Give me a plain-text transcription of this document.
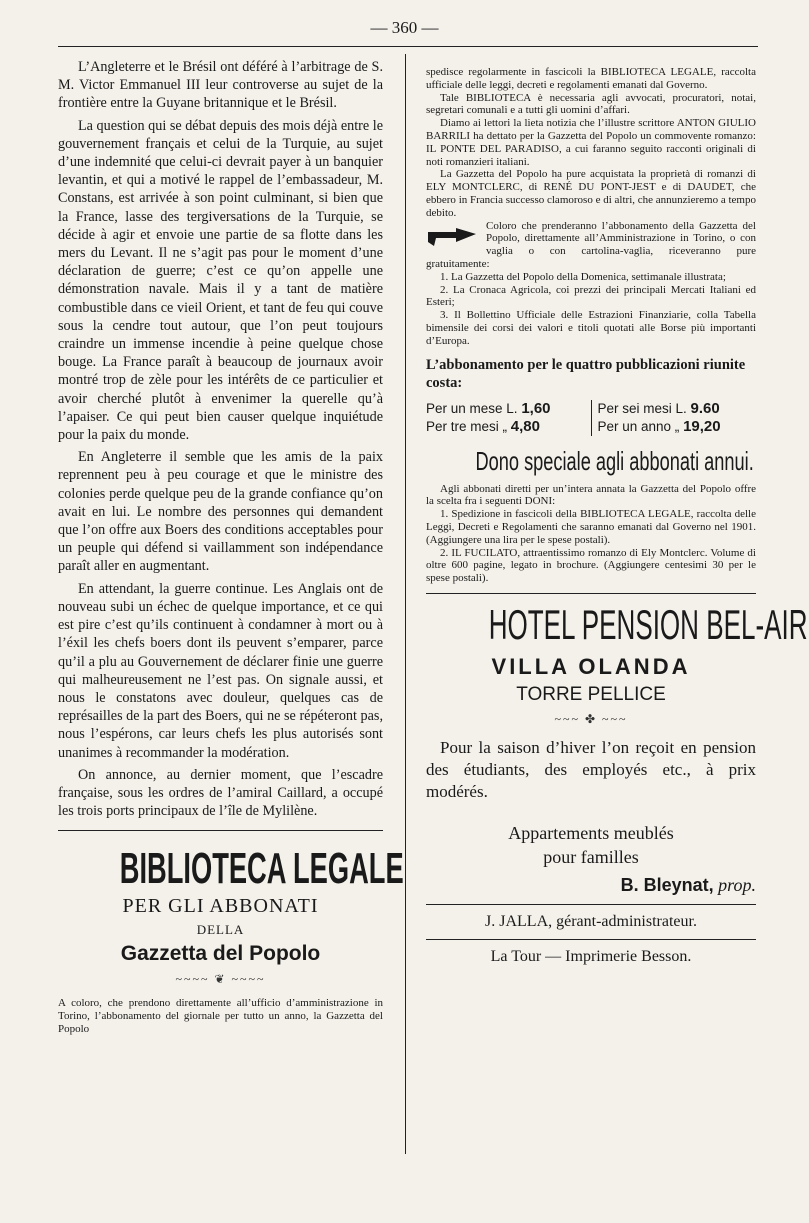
— 360 —

L’Angleterre et le Brésil ont déféré à l’arbitrage de S. M. Victor Emmanuel III leur controverse au sujet de la frontière entre la Guyane britannique et le Brésil.

La question qui se débat depuis des mois déjà entre le gouvernement français et celui de la Turquie, au sujet d’une indemnité que celui-ci devrait payer à un banquier levantin, et qui a motivé le rappel de l’embassadeur, M. Constans, est arrivée à son point culminant, si bien que la France, lasse des tergiversations de la Turquie, se décide à agir et envoie une partie de sa flotte dans les mers du Levant. Il ne s’agit pas pour le moment d’une déclaration de guerre; c’est ce qu’on appelle une démonstration navale. Mais il y a tant de matière combustible dans ce vieil Orient, et tant de feu qui couve sous la cendre tout autour, que l’on peut toujours craindre un immense incendie à peine quelque chose bouge. La France paraît à beaucoup de journaux avoir montré trop de zèle pour les intérêts de ce particulier et avoir cherché plutôt à envenimer la querelle qu’à l’apaiser. Ce qui peut bien causer quelque inquiétude pour la paix du monde.

En Angleterre il semble que les amis de la paix reprennent peu à peu courage et que le ministre des colonies perde quelque peu de la grande confiance qu’on avait en lui. Le nombre des personnes qui demandent que l’on offre aux Boers des conditions acceptables pour un peuple qui défend si vaillamment son indépendance paraît aller en augmentant.

En attendant, la guerre continue. Les Anglais ont de nouveau subi un échec de quelque importance, et ce qui est pire c’est qu’ils continuent à condamner à mort ou à l’éxil les chefs boers dont ils peuvent s’emparer, parce qu’il a plu au Gouvernement de déclarer finie une guerre qui malheureusement ne l’est pas. On signale aussi, et nous le constatons avec douleur, quelques cas de représailles de la part des Boers, qui ne se répéteront pas, nous l’espérons, car leurs chefs les plus autorisés sont unanimes à recommander la modération.

On annonce, au dernier moment, que l’escadre française, sous les ordres de l’amiral Caillard, a occupé les trois ports principaux de l’île de Mylilène.

BIBLIOTECA LEGALE
PER GLI ABBONATI
DELLA
Gazzetta del Popolo
~~~~ ❦ ~~~~

A coloro, che prendono direttamente all’ufficio d’amministrazione in Torino, l’abbonamento del giornale per tutto un anno, la Gazzetta del Popolo

spedisce regolarmente in fascicoli la BIBLIOTECA LEGALE, raccolta ufficiale delle leggi, decreti e regolamenti emanati dal Governo.

Tale BIBLIOTECA è necessaria agli avvocati, procuratori, notai, segretari comunali e a tutti gli uomini d’affari.

Diamo ai lettori la lieta notizia che l’illustre scrittore ANTON GIULIO BARRILI ha dettato per la Gazzetta del Popolo un commovente romanzo: IL PONTE DEL PARADISO, a cui faranno seguito racconti originali di noti romanzieri italiani.

La Gazzetta del Popolo ha pure acquistata la proprietà di romanzi di ELY MONTCLERC, di RENÉ DU PONT-JEST e di DAUDET, che ebbero in Francia successo clamoroso e di altri, che annunzieremo a tempo debito.

Coloro che prenderanno l’abbonamento della Gazzetta del Popolo, direttamente all’Amministrazione in Torino, o con vaglia o con cartolina-vaglia, riceveranno pure gratuitamente:

1. La Gazzetta del Popolo della Domenica, settimanale illustrata;

2. La Cronaca Agricola, coi prezzi dei principali Mercati Italiani ed Esteri;

3. Il Bollettino Ufficiale delle Estrazioni Finanziarie, colla Tabella bimensile dei corsi dei valori e titoli quotati alle Borse più importanti d’Europa.

L’abbonamento per le quattro pubblicazioni riunite costa:

Per un mese L. 1,60
Per tre mesi „ 4,80
Per sei mesi L. 9.60
Per un anno „ 19,20
Dono speciale agli abbonati annui.

Agli abbonati diretti per un’intera annata la Gazzetta del Popolo offre la scelta fra i seguenti DONI:

1. Spedizione in fascicoli della BIBLIOTECA LEGALE, raccolta delle Leggi, Decreti e Regolamenti che saranno emanati dal Governo nel 1901. (Aggiungere una lira per le spese postali).

2. IL FUCILATO, attraentissimo romanzo di Ely Montclerc. Volume di oltre 600 pagine, legato in brochure. (Aggiungere centesimi 30 per le spese postali).

HOTEL PENSION BEL-AIR
VILLA OLANDA
TORRE PELLICE
~~~ ✤ ~~~

Pour la saison d’hiver l’on reçoit en pension des étudiants, des employés etc., à prix modérés.

Appartements meublés
pour familles
B. Bleynat, prop.
J. JALLA, gérant-administrateur.
La Tour — Imprimerie Besson.
